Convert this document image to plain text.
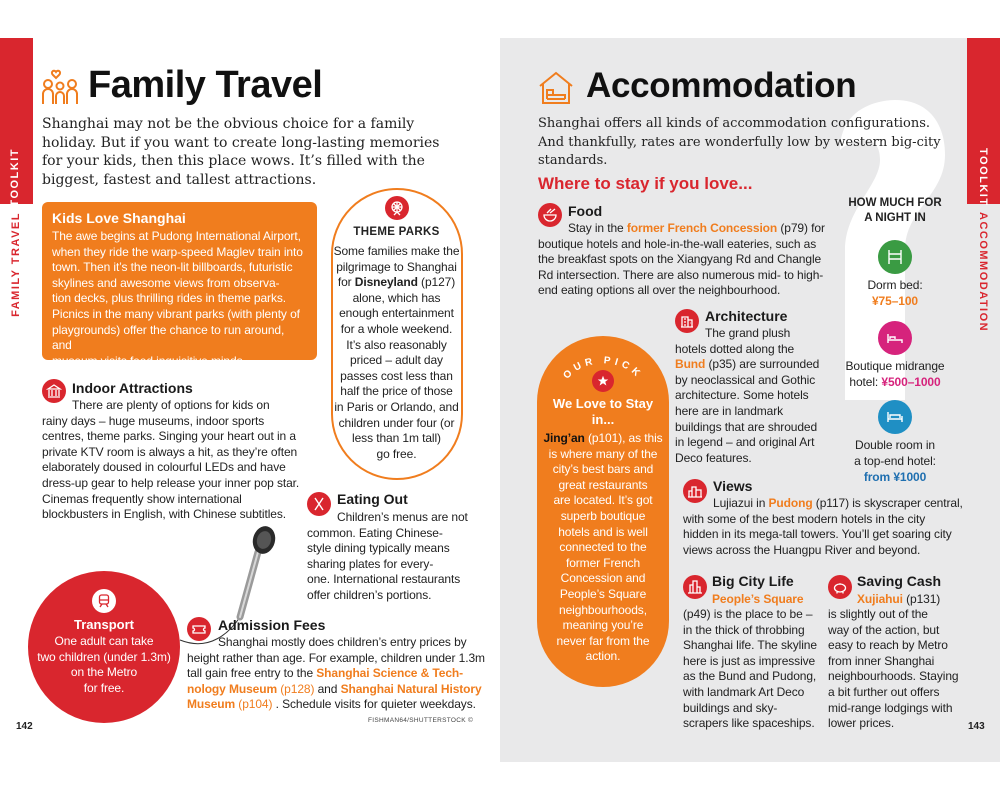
TOOLKIT
FAMILY TRAVEL
Family Travel
Shanghai may not be the obvious choice for a family holiday. But if you want to create long-lasting memories for your kids, then this place wows. It’s filled with the biggest, fastest and tallest attractions.
Kids Love Shanghai
The awe begins at Pudong International Airport,
when they ride the warp-speed Maglev train into
town. Then it’s the neon-lit billboards, futuristic
skylines and awesome views from observa-
tion decks, plus thrilling rides in theme parks.
Picnics in the many vibrant parks (with plenty of
playgrounds) offer the chance to run around, and
museum visits feed inquisitive minds.
THEME PARKS
Some families make the
pilgrimage to Shanghai
for Disneyland (p127)
alone, which has
enough entertainment
for a whole weekend.
It’s also reasonably
priced – adult day
passes cost less than
half the price of those
in Paris or Orlando, and
children under four (or
less than 1m tall)
go free.
Indoor Attractions
There are plenty of options for kids on
rainy days – huge museums, indoor sports
centres, theme parks. Singing your heart out in a
private KTV room is always a hit, as they’re often
elaborately doused in colourful LEDs and have
dress-up gear to help release your inner pop star.
Cinemas frequently show international
blockbusters in English, with Chinese subtitles.
Eating Out
Children’s menus are not
common. Eating Chinese-
style dining typically means
sharing plates for every-
one. International restaurants
offer children’s portions.
Transport
One adult can take
two children (under 1.3m)
on the Metro
for free.
Admission Fees
Shanghai mostly does children’s entry prices by
height rather than age. For example, children under 1.3m
tall gain free entry to the Shanghai Science & Tech-
nology Museum (p128) and Shanghai Natural History
Museum (p104) . Schedule visits for quieter weekdays.
142
FISHMAN64/SHUTTERSTOCK ©
TOOLKIT
ACCOMMODATION
Accommodation
Shanghai offers all kinds of accommodation configurations. And thankfully, rates are wonderfully low by western big-city standards.
Where to stay if you love...
Food
Stay in the former French Concession (p79) for
boutique hotels and hole-in-the-wall eateries, such as
the breakfast spots on the Xiangyang Rd and Changle
Rd intersection. There are also numerous mid- to high-
end eating options all over the neighbourhood.
HOW MUCH FOR
A NIGHT IN
Dorm bed:
¥75–100
Boutique midrange
hotel: ¥500–1000
Double room in
a top-end hotel:
from ¥1000
Architecture
The grand plush
hotels dotted along the
Bund (p35) are surrounded
by neoclassical and Gothic
architecture. Some hotels
here are in landmark
buildings that are shrouded
in legend – and original Art
Deco features.
OUR PICK
We Love to Stay
in...
Jing’an (p101), as this
is where many of the
city’s best bars and
great restaurants
are located. It’s got
superb boutique
hotels and is well
connected to the
former French
Concession and
People’s Square
neighbourhoods,
meaning you’re
never far from the
action.
Views
Lujiazui in Pudong (p117) is skyscraper central,
with some of the best modern hotels in the city
hidden in its mega-tall towers. You’ll get soaring city
views across the Huangpu River and beyond.
Big City Life
People’s Square
(p49) is the place to be –
in the thick of throbbing
Shanghai life. The skyline
here is just as impressive
as the Bund and Pudong,
with landmark Art Deco
buildings and sky-
scrapers like spaceships.
Saving Cash
Xujiahui (p131)
is slightly out of the
way of the action, but
easy to reach by Metro
from inner Shanghai
neighbourhoods. Staying
a bit further out offers
mid-range lodgings with
lower prices.	143
